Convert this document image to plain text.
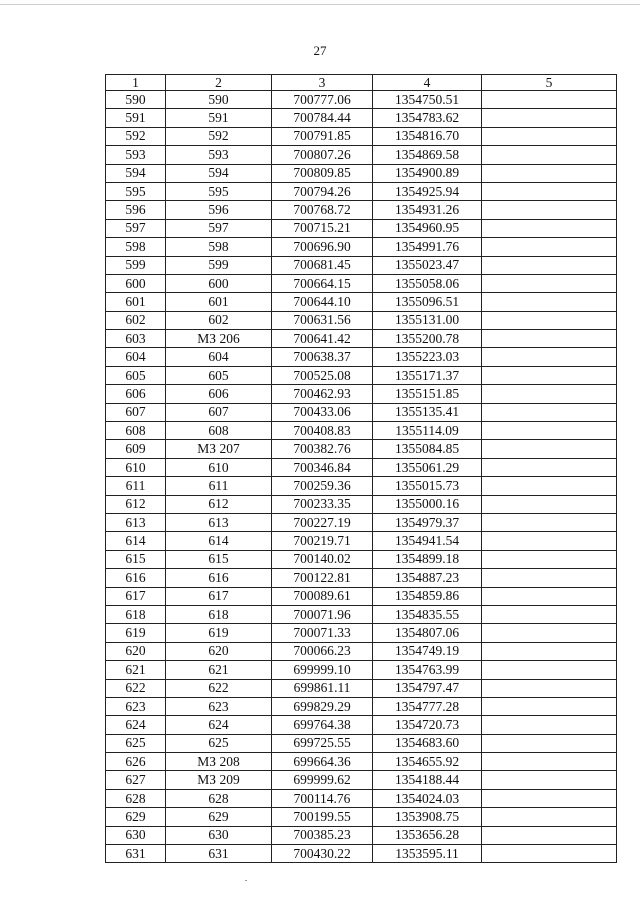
27
1	2	3	4	5
590	590	700777.06	1354750.51	
591	591	700784.44	1354783.62	
592	592	700791.85	1354816.70	
593	593	700807.26	1354869.58	
594	594	700809.85	1354900.89	
595	595	700794.26	1354925.94	
596	596	700768.72	1354931.26	
597	597	700715.21	1354960.95	
598	598	700696.90	1354991.76	
599	599	700681.45	1355023.47	
600	600	700664.15	1355058.06	
601	601	700644.10	1355096.51	
602	602	700631.56	1355131.00	
603	МЗ 206	700641.42	1355200.78	
604	604	700638.37	1355223.03	
605	605	700525.08	1355171.37	
606	606	700462.93	1355151.85	
607	607	700433.06	1355135.41	
608	608	700408.83	1355114.09	
609	МЗ 207	700382.76	1355084.85	
610	610	700346.84	1355061.29	
611	611	700259.36	1355015.73	
612	612	700233.35	1355000.16	
613	613	700227.19	1354979.37	
614	614	700219.71	1354941.54	
615	615	700140.02	1354899.18	
616	616	700122.81	1354887.23	
617	617	700089.61	1354859.86	
618	618	700071.96	1354835.55	
619	619	700071.33	1354807.06	
620	620	700066.23	1354749.19	
621	621	699999.10	1354763.99	
622	622	699861.11	1354797.47	
623	623	699829.29	1354777.28	
624	624	699764.38	1354720.73	
625	625	699725.55	1354683.60	
626	МЗ 208	699664.36	1354655.92	
627	МЗ 209	699999.62	1354188.44	
628	628	700114.76	1354024.03	
629	629	700199.55	1353908.75	
630	630	700385.23	1353656.28	
631	631	700430.22	1353595.11	
